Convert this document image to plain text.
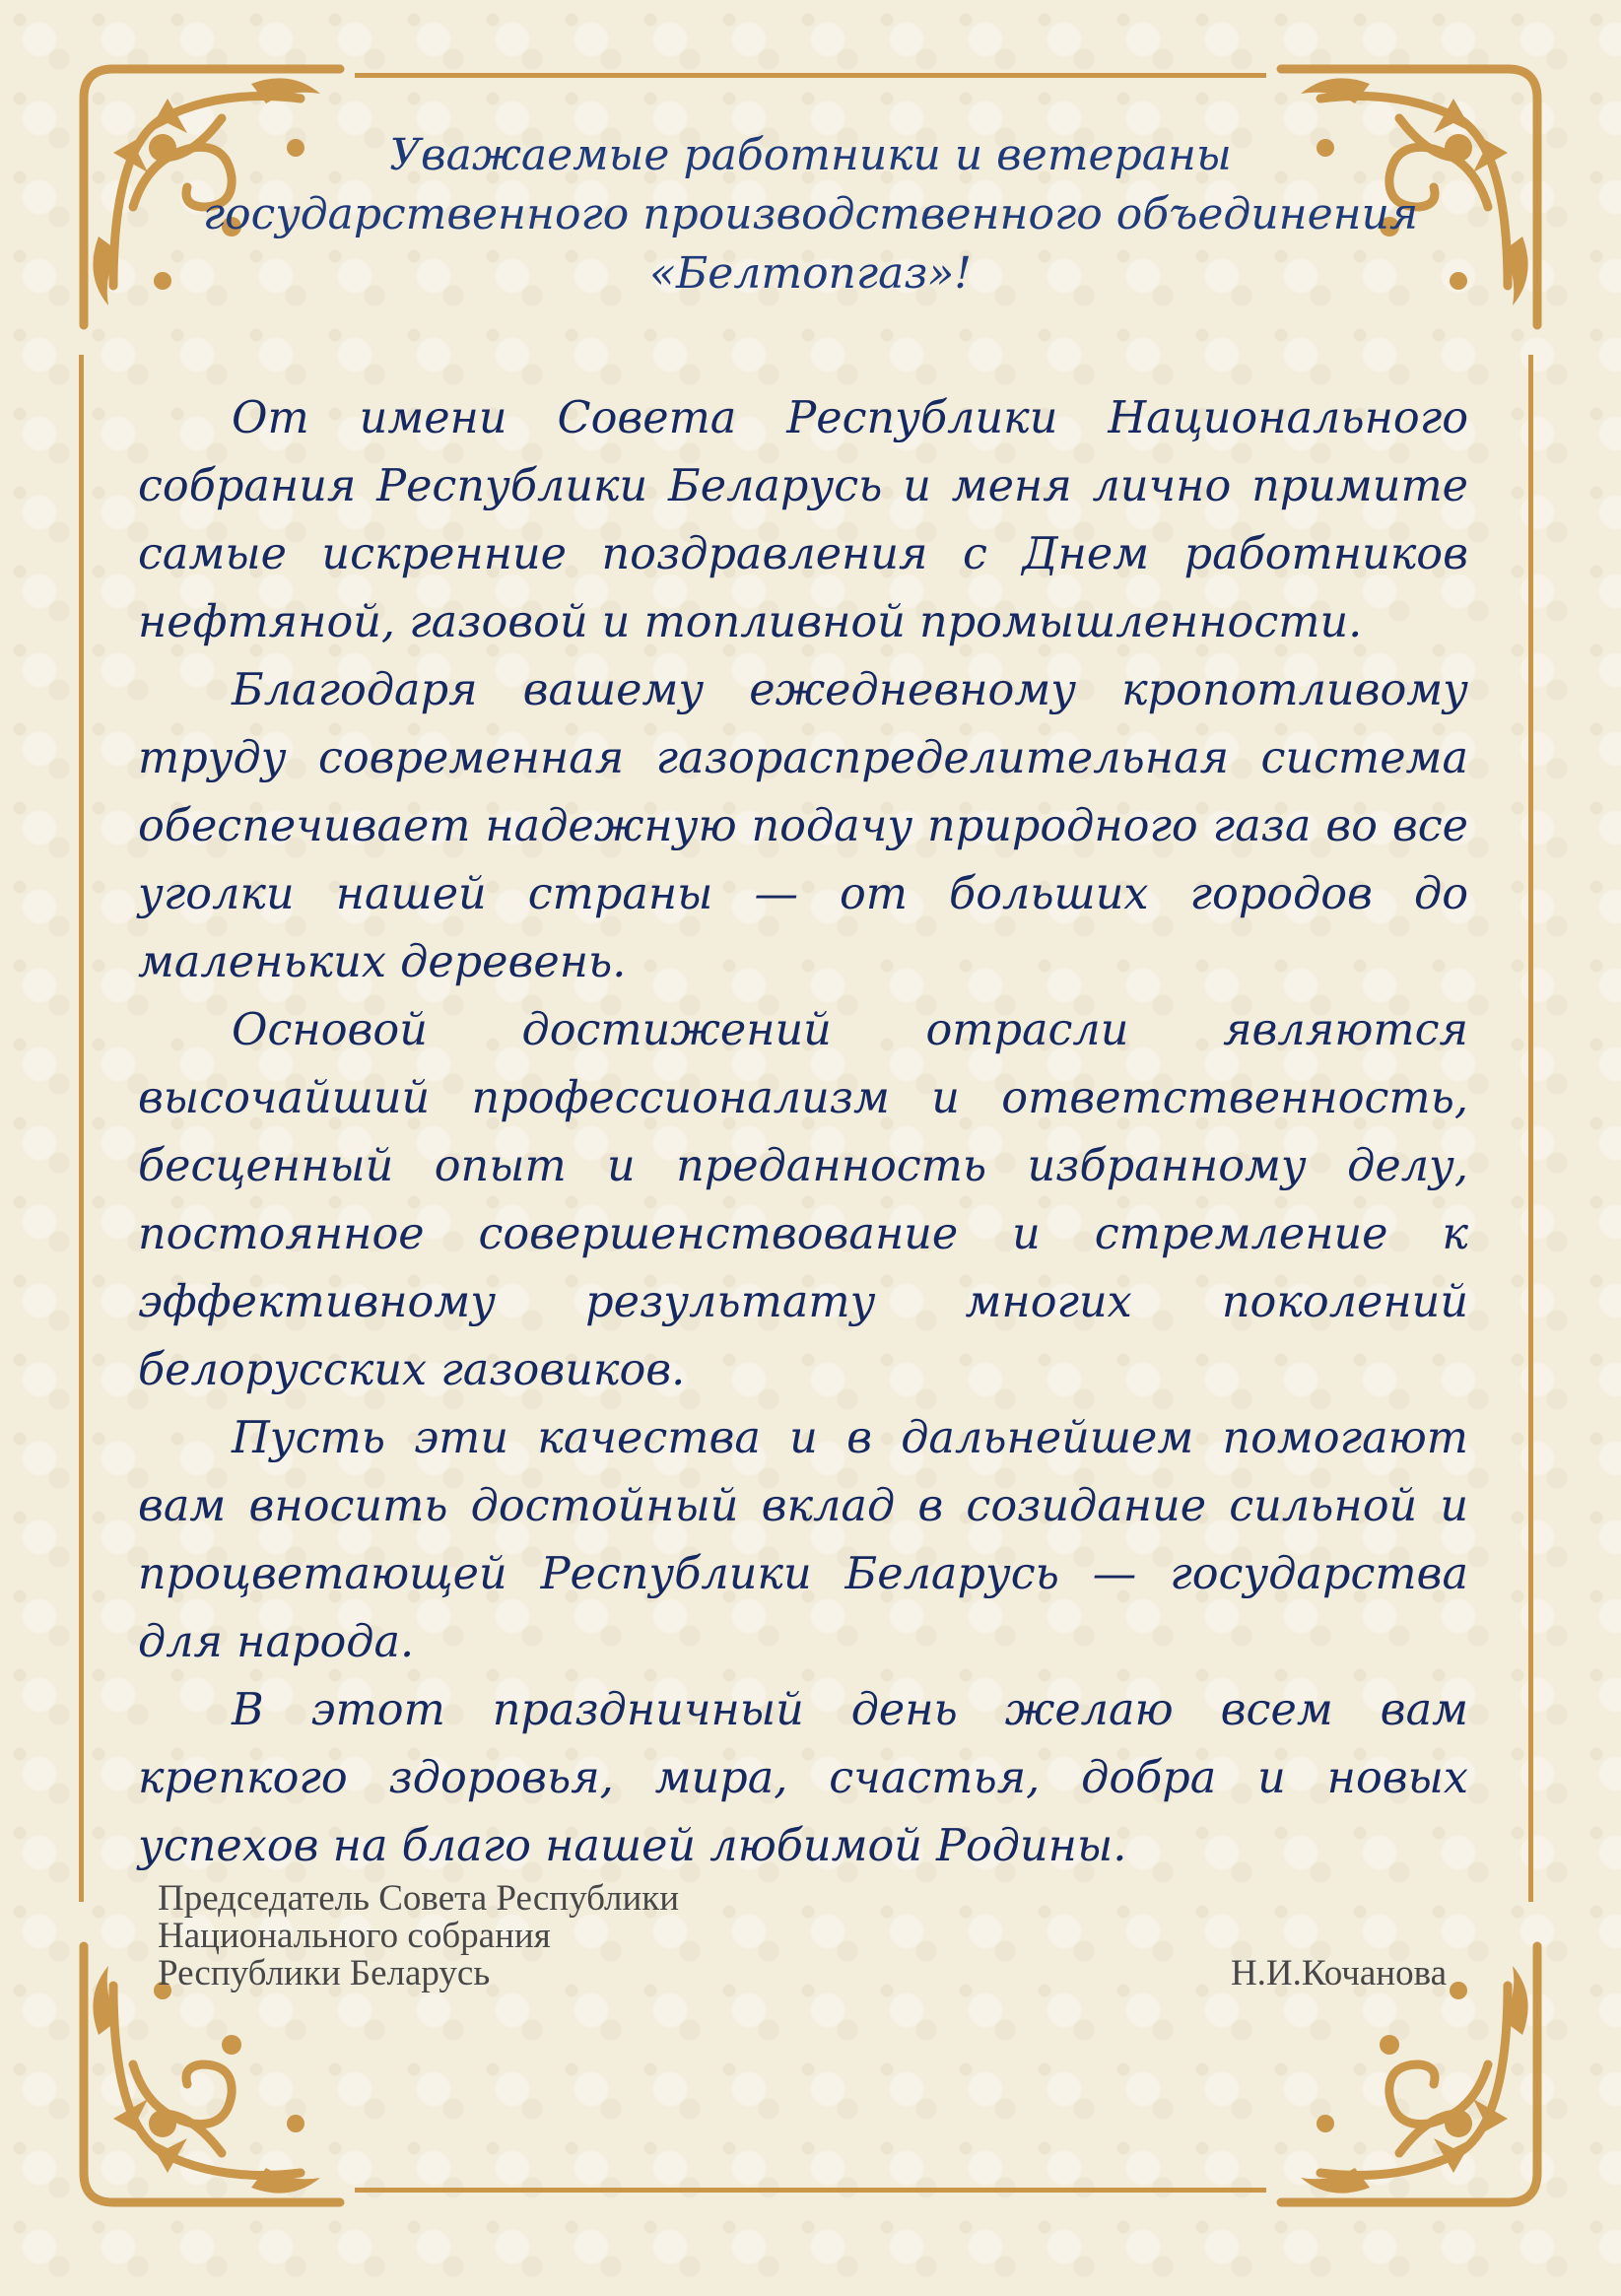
Уважаемые работники и ветераны
государственного производственного объединения
«Белтопгаз»!

От имени Совета Республики Национального собрания Республики Беларусь и меня лично примите самые искренние поздравления с Днем работников нефтяной, газовой и топливной промышленности.

Благодаря вашему ежедневному кропотливому труду современная газораспределительная система обеспечивает надежную подачу природного газа во все уголки нашей страны — от больших городов до маленьких деревень.

Основой достижений отрасли являются высочайший профессионализм и ответственность, бесценный опыт и преданность избранному делу, постоянное совершенствование и стремление к эффективному результату многих поколений белорусских газовиков.

Пусть эти качества и в дальнейшем помогают вам вносить достойный вклад в созидание сильной и процветающей Республики Беларусь — государства для народа.

В этот праздничный день желаю всем вам крепкого здоровья, мира, счастья, добра и новых успехов на благо нашей любимой Родины.

Председатель Совета Республики
Национального собрания
Республики Беларусь	Н.И.Кочанова
